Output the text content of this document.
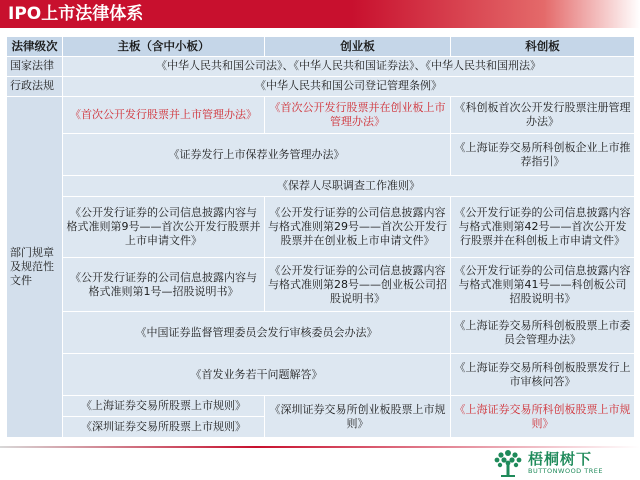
IPO上市法律体系
法律级次	主板（含中小板）	创业板	科创板
国家法律	《中华人民共和国公司法》、《中华人民共和国证券法》、《中华人民共和国刑法》		
行政法规	《中华人民共和国公司登记管理条例》		
部门规章及规范性文件	《首次公开发行股票并上市管理办法》	《首次公开发行股票并在创业板上市管理办法》	《科创板首次公开发行股票注册管理办法》
	《证券发行上市保荐业务管理办法》		《上海证券交易所科创板企业上市推荐指引》
	《保荐人尽职调查工作准则》		
	《公开发行证券的公司信息披露内容与格式准则第9号——首次公开发行股票并上市申请文件》	《公开发行证券的公司信息披露内容与格式准则第29号——首次公开发行股票并在创业板上市申请文件》	《公开发行证券的公司信息披露内容与格式准则第42号——首次公开发行股票并在科创板上市申请文件》
	《公开发行证券的公司信息披露内容与格式准则第1号—招股说明书》	《公开发行证券的公司信息披露内容与格式准则第28号——创业板公司招股说明书》	《公开发行证券的公司信息披露内容与格式准则第41号——科创板公司招股说明书》
	《中国证券监督管理委员会发行审核委员会办法》		《上海证券交易所科创板股票上市委员会管理办法》
	《首发业务若干问题解答》		《上海证券交易所科创板股票发行上市审核问答》
	《上海证券交易所股票上市规则》	《深圳证券交易所创业板股票上市规则》	《上海证券交易所科创板股票上市规则》
	《深圳证券交易所股票上市规则》		
梧桐树下
BUTTONWOOD TREE
